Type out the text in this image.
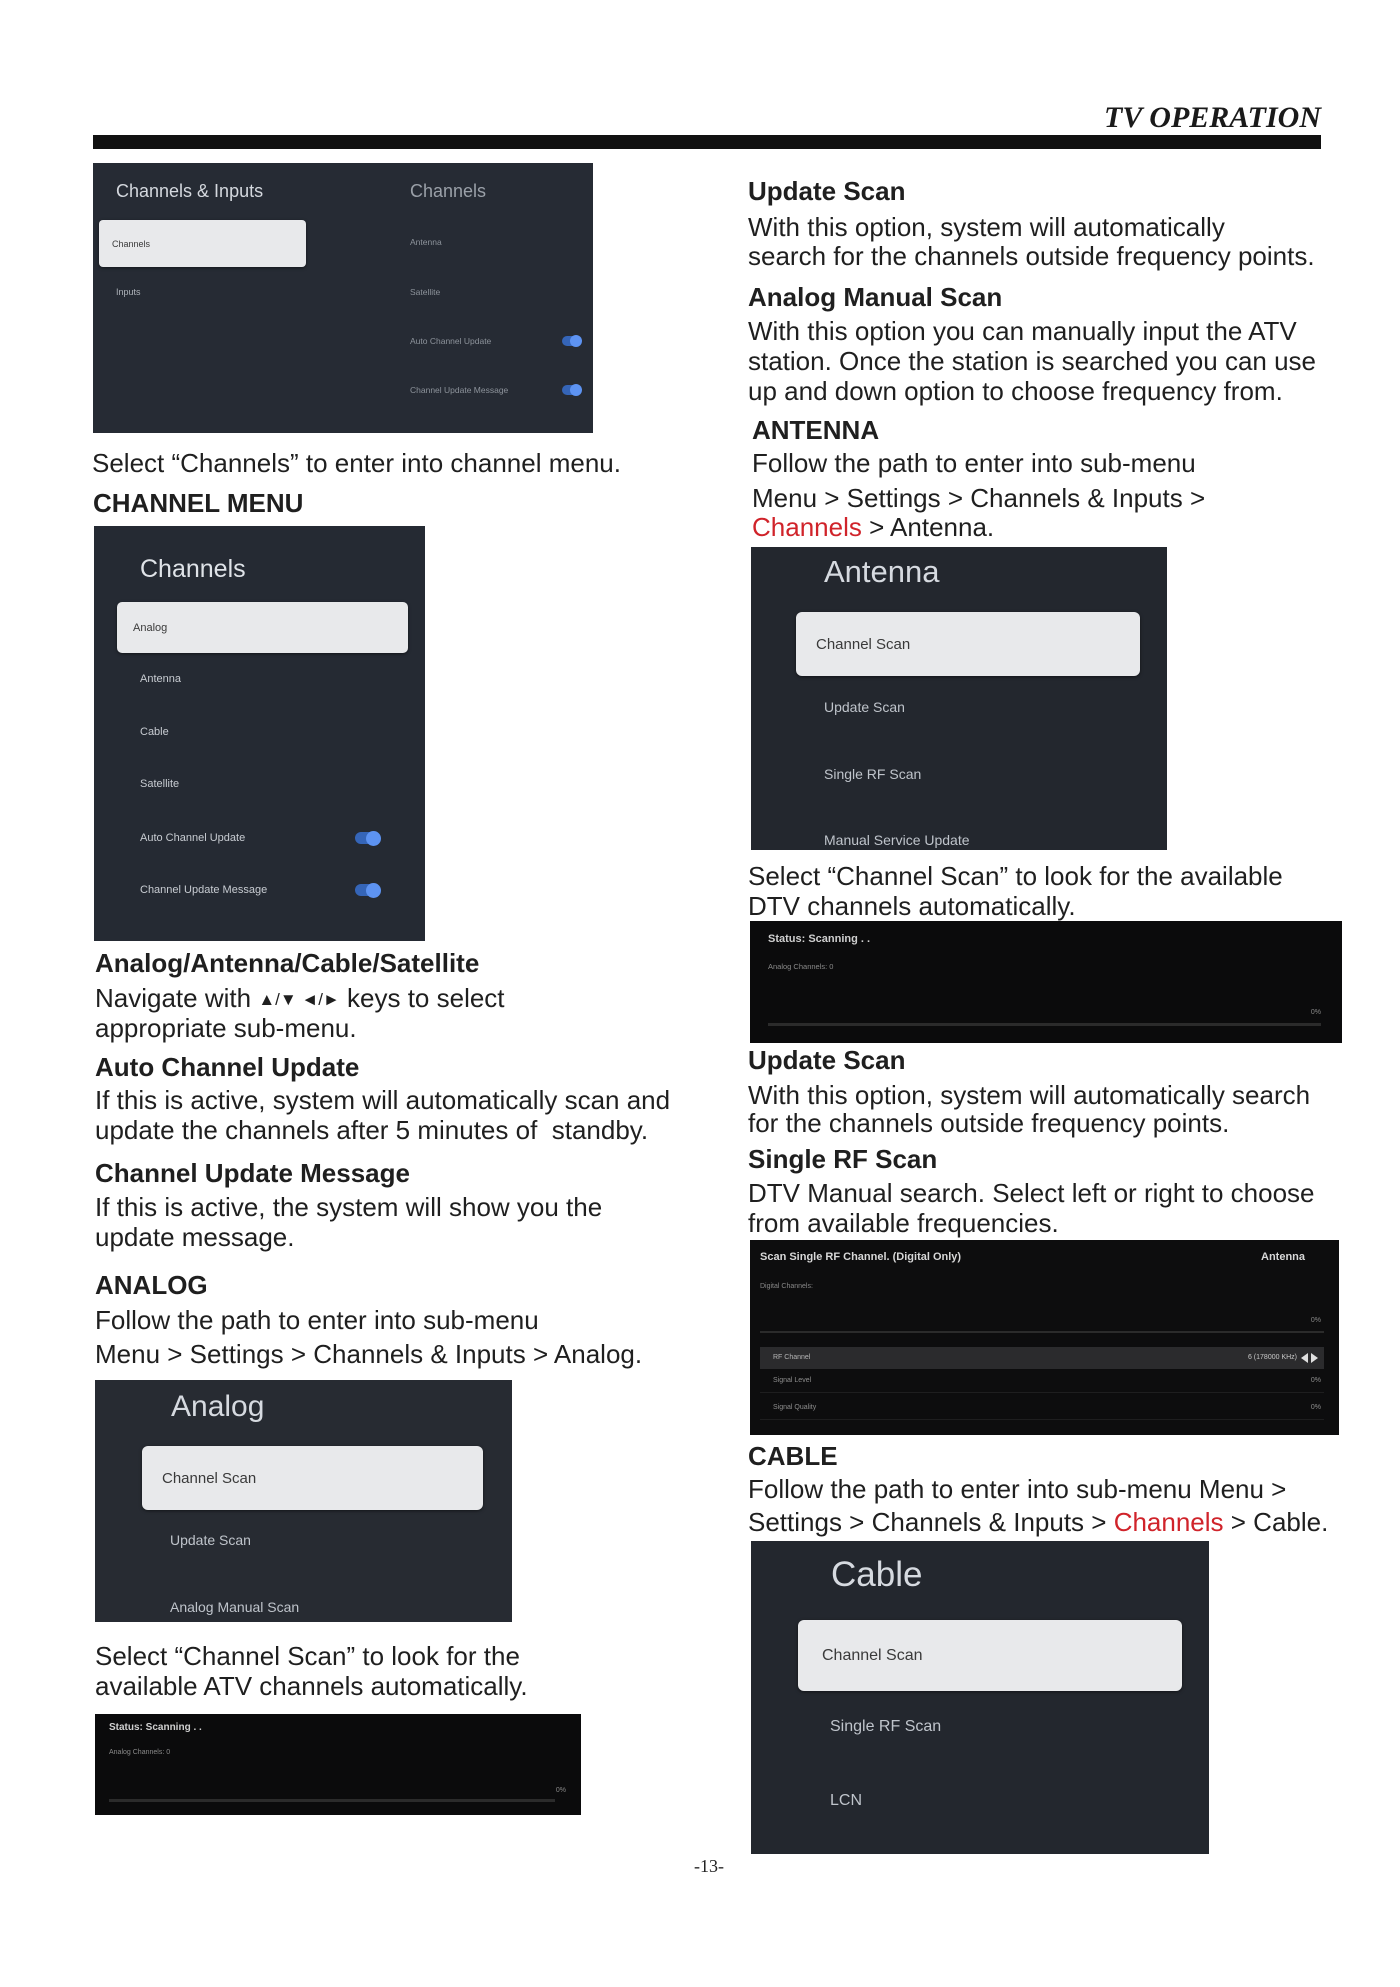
TV OPERATION
Channels & Inputs	Channels
Channels
Inputs
Antenna
Satellite
Auto Channel Update
Channel Update Message
Select “Channels” to enter into channel menu.
CHANNEL MENU
Channels
Analog
Antenna
Cable
Satellite
Auto Channel Update
Channel Update Message
Analog/Antenna/Cable/Satellite
Navigate with ▲/▼ ◄/► keys to select
appropriate sub-menu.
Auto Channel Update
If this is active, system will automatically scan and
update the channels after 5 minutes of  standby.
Channel Update Message
If this is active, the system will show you the
update message.
ANALOG
Follow the path to enter into sub-menu
Menu > Settings > Channels & Inputs > Analog.
Analog
Channel Scan
Update Scan
Analog Manual Scan
Select “Channel Scan” to look for the
available ATV channels automatically.
Status: Scanning . .
Analog Channels: 0
0%
Update Scan
With this option, system will automatically
search for the channels outside frequency points.
Analog Manual Scan
With this option you can manually input the ATV
station. Once the station is searched you can use
up and down option to choose frequency from.
ANTENNA
Follow the path to enter into sub-menu
Menu > Settings > Channels & Inputs >
Channels > Antenna.
Antenna
Channel Scan
Update Scan
Single RF Scan
Manual Service Update
Select “Channel Scan” to look for the available
DTV channels automatically.
Status: Scanning . .
Analog Channels: 0
0%
Update Scan
With this option, system will automatically search
for the channels outside frequency points.
Single RF Scan
DTV Manual search. Select left or right to choose
from available frequencies.
Scan Single RF Channel. (Digital Only)	Antenna
Digital Channels:
0%
RF Channel	6 (178000 KHz)
Signal Level	0%
Signal Quality	0%
CABLE
Follow the path to enter into sub-menu Menu >
Settings > Channels & Inputs > Channels > Cable.
Cable
Channel Scan
Single RF Scan
LCN
-13-
